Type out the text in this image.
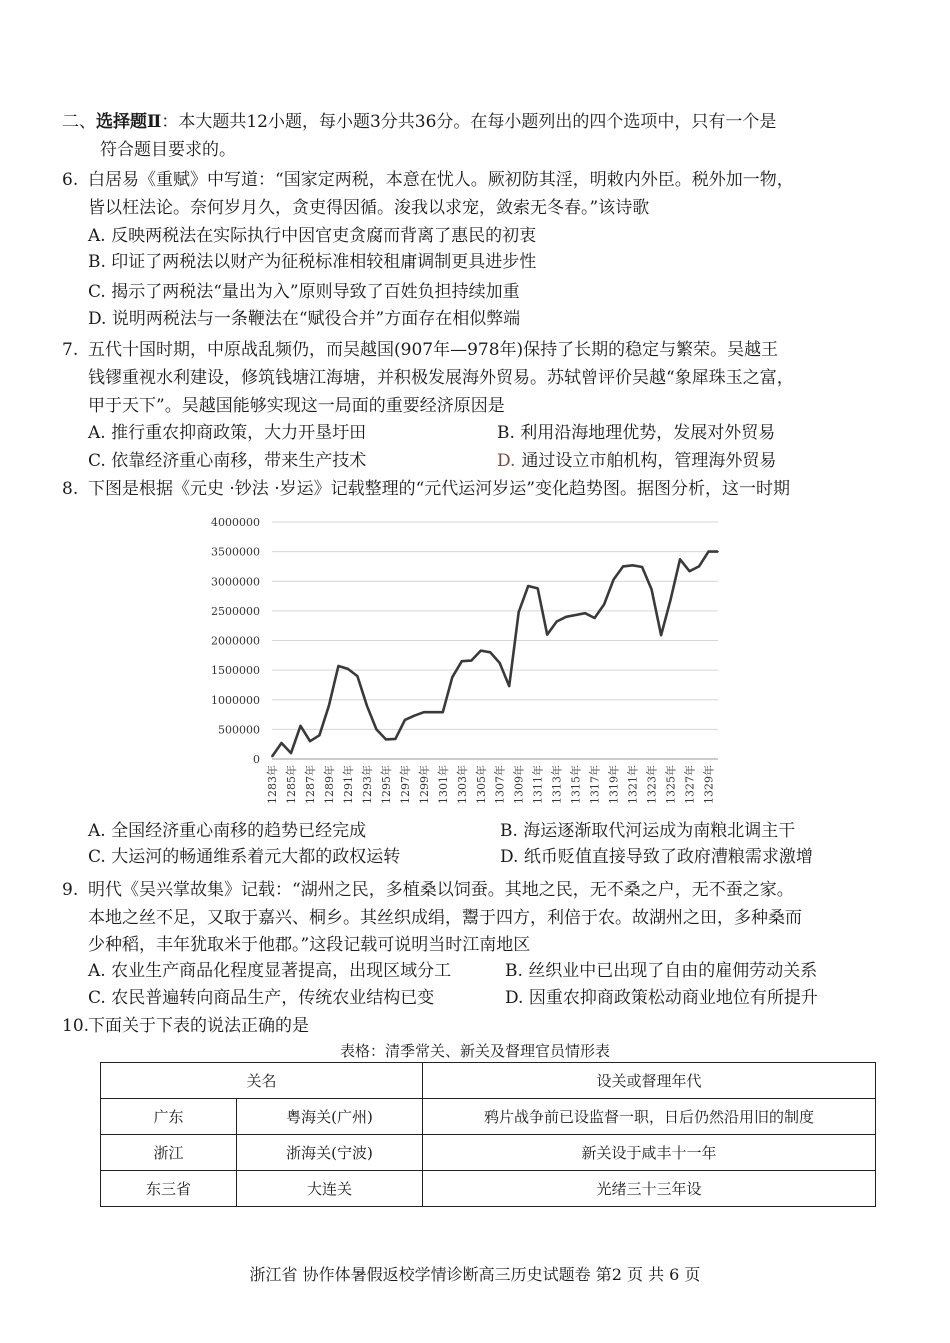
二、选择题Ⅱ：本大题共12小题，每小题3分共36分。在每小题列出的四个选项中，只有一个是
符合题目要求的。
6. 白居易《重赋》中写道：“国家定两税，本意在忧人。厥初防其淫，明敕内外臣。税外加一物，
皆以枉法论。奈何岁月久，贪吏得因循。浚我以求宠，敛索无冬春。”该诗歌
A. 反映两税法在实际执行中因官吏贪腐而背离了惠民的初衷
B. 印证了两税法以财产为征税标准相较租庸调制更具进步性
C. 揭示了两税法“量出为入”原则导致了百姓负担持续加重
D. 说明两税法与一条鞭法在“赋役合并”方面存在相似弊端
7. 五代十国时期，中原战乱频仍，而吴越国(907年—978年)保持了长期的稳定与繁荣。吴越王
钱镠重视水利建设，修筑钱塘江海塘，并积极发展海外贸易。苏轼曾评价吴越“象犀珠玉之富，
甲于天下”。吴越国能够实现这一局面的重要经济原因是
A. 推行重农抑商政策，大力开垦圩田	B. 利用沿海地理优势，发展对外贸易
C. 依靠经济重心南移，带来生产技术	D. 通过设立市舶机构，管理海外贸易
8. 下图是根据《元史 ·钞法 ·岁运》记载整理的“元代运河岁运”变化趋势图。据图分析，这一时期
0
500000
1000000
1500000
2000000
2500000
3000000
3500000
4000000
1283年 1285年 1287年 1289年 1291年 1293年 1295年 1297年 1299年 1301年 1303年 1305年 1307年 1309年 1311年 1313年 1315年 1317年 1319年 1321年 1323年 1325年 1327年 1329年
A. 全国经济重心南移的趋势已经完成	B. 海运逐渐取代河运成为南粮北调主干
C. 大运河的畅通维系着元大都的政权运转	D. 纸币贬值直接导致了政府漕粮需求激增
9. 明代《吴兴掌故集》记载：“湖州之民，多植桑以饲蚕。其地之民，无不桑之户，无不蚕之家。
本地之丝不足，又取于嘉兴、桐乡。其丝织成绢，鬻于四方，利倍于农。故湖州之田，多种桑而
少种稻，丰年犹取米于他郡。”这段记载可说明当时江南地区
A. 农业生产商品化程度显著提高，出现区域分工	B. 丝织业中已出现了自由的雇佣劳动关系
C. 农民普遍转向商品生产，传统农业结构已变	D. 因重农抑商政策松动商业地位有所提升
10.
下面关于下表的说法正确的是
表格：清季常关、新关及督理官员情形表
关名		设关或督理年代
广东	粤海关(广州)	鸦片战争前已设监督一职，日后仍然沿用旧的制度
浙江	浙海关(宁波)	新关设于咸丰十一年
东三省	大连关	光绪三十三年设
浙江省 协作体暑假返校学情诊断高三历史试题卷 第2 页 共 6 页
